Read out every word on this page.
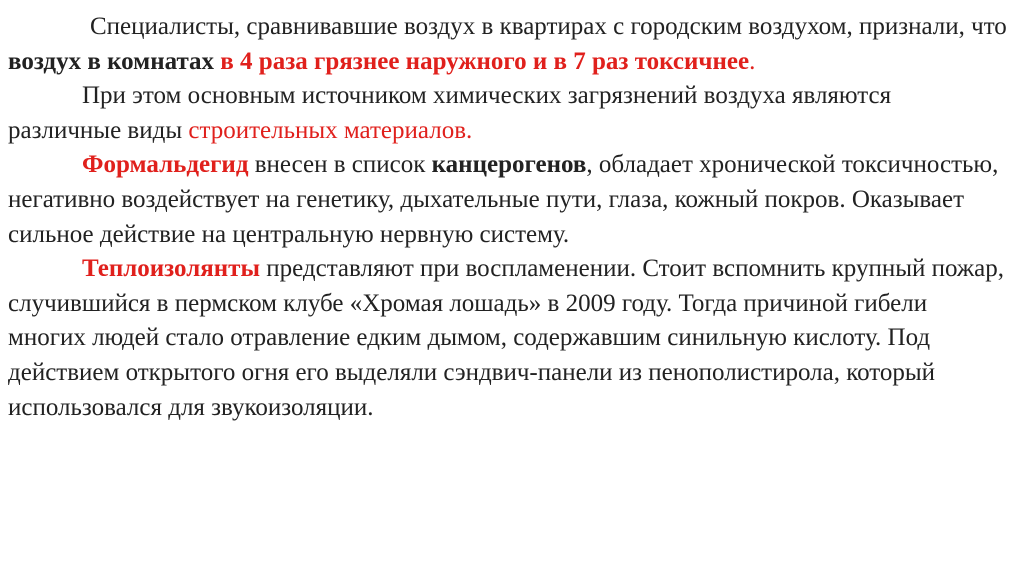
Специалисты, сравнивавшие воздух в квартирах с городским воздухом, признали, что воздух в комнатах в 4 раза грязнее наружного и в 7 раз токсичнее.

При этом основным источником химических загрязнений воздуха являются различные виды строительных материалов.

Формальдегид внесен в список канцерогенов, обладает хронической токсичностью, негативно воздействует на генетику, дыхательные пути, глаза, кожный покров. Оказывает сильное действие на центральную нервную систему.

Теплоизолянты представляют при воспламенении. Стоит вспомнить крупный пожар, случившийся в пермском клубе «Хромая лошадь» в 2009 году. Тогда причиной гибели многих людей стало отравление едким дымом, содержавшим синильную кислоту. Под действием открытого огня его выделяли сэндвич-панели из пенополистирола, который использовался для звукоизоляции.
